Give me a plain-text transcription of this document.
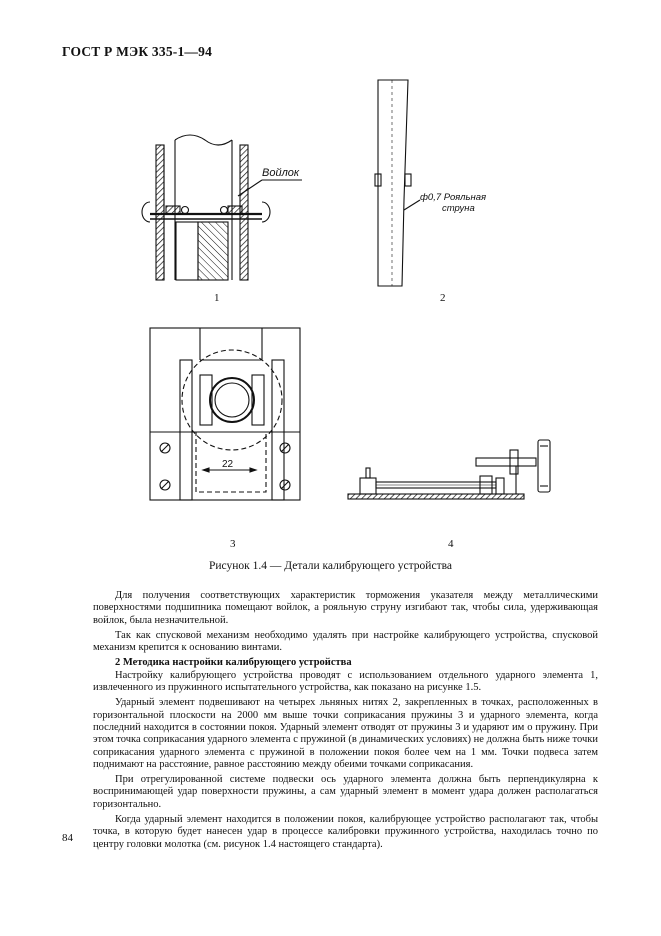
ГОСТ Р МЭК 335-1—94
Войлок
ф0,7 Рояльная
струна
22
1	2
3	4
Рисунок 1.4 — Детали калибрующего устройства

Для получения соответствующих характеристик торможения указателя между металлическими поверхностями подшипника помещают войлок, а рояльную струну изгибают так, чтобы сила, удерживающая войлок, была незначительной.

Так как спусковой механизм необходимо удалять при настройке калибрующего устройства, спусковой механизм крепится к основанию винтами.

2 Методика настройки калибрующего устройства

Настройку калибрующего устройства проводят с использованием отдельного ударного элемента 1, извлеченного из пружинного испытательного устройства, как показано на рисунке 1.5.

Ударный элемент подвешивают на четырех льняных нитях 2, закрепленных в точках, расположенных в горизонтальной плоскости на 2000 мм выше точки соприкасания пружины 3 и ударного элемента, когда последний находится в состоянии покоя. Ударный элемент отводят от пружины 3 и ударяют им о пружину. При этом точка соприкасания ударного элемента с пружиной (в динамических условиях) не должна быть ниже точки соприкасания ударного элемента с пружиной в положении покоя более чем на 1 мм. Точки подвеса затем поднимают на расстояние, равное расстоянию между обеими точками соприкасания.

При отрегулированной системе подвески ось ударного элемента должна быть перпендикулярна к воспринимающей удар поверхности пружины, а сам ударный элемент в момент удара должен располагаться горизонтально.

Когда ударный элемент находится в положении покоя, калибрующее устройство располагают так, чтобы точка, в которую будет нанесен удар в процессе калибровки пружинного устройства, находилась точно по центру головки молотка (см. рисунок 1.4 настоящего стандарта).

84
